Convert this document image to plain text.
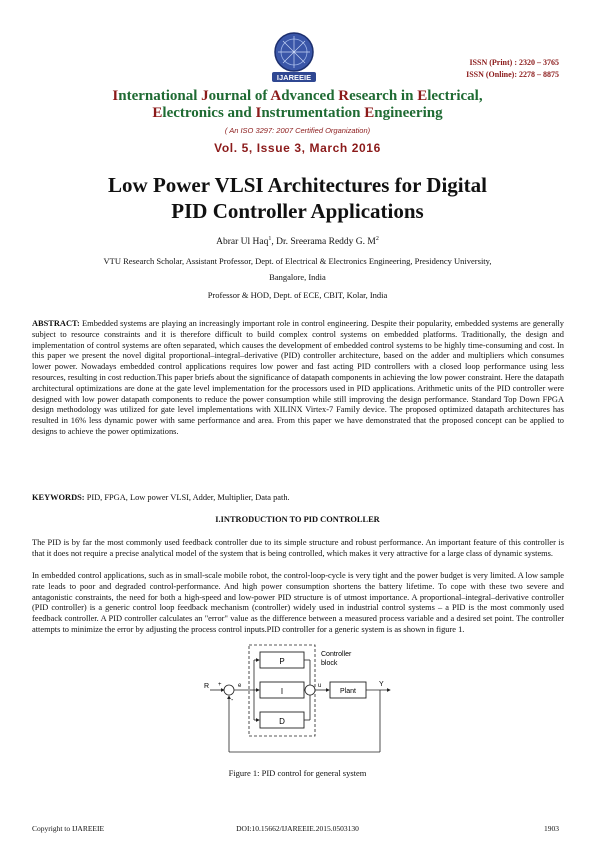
IJAREEIE
ISSN (Print) : 2320 – 3765
ISSN (Online): 2278 – 8875
International Journal of Advanced Research in Electrical,
Electronics and Instrumentation Engineering
( An ISO 3297: 2007 Certified Organization)
Vol. 5, Issue 3, March 2016
Low Power VLSI Architectures for Digital
PID Controller Applications
Abrar Ul Haq$^1$, Dr. Sreerama Reddy G. $M^2$
VTU Research Scholar, Assistant Professor, Dept. of Electrical & Electronics Engineering, Presidency University,
Bangalore, India
Professor & HOD, Dept. of ECE, CBIT, Kolar, India
ABSTRACT: Embedded systems are playing an increasingly important role in control engineering. Despite their popularity, embedded systems are generally subject to resource constraints and it is therefore difficult to build complex control systems on embedded platforms. Traditionally, the design and implementation of control systems are often separated, which causes the development of embedded control systems to be highly time-consuming and cost. In this paper we present the novel digital proportional–integral–derivative (PID) controller architecture, based on the adder and multipliers which consumes lower power. Nowadays embedded control applications requires low power and fast acting PID controllers with a closed loop performance using less resources, resulting in cost reduction.This paper briefs about the significance of datapath components in achieving the low power constraint. Here the datapath architectural optimizations are done at the gate level implementation for the processors used in PID applications. Arithmetic units of the PID controller were designed with low power datapath components to reduce the power consumption while still improving the design performance. Standard Top Down FPGA design methodology was utilized for gate level implementations with XILINX Virtex-7 Family device. The proposed optimized datapath architectures has resulted in 16% less dynamic power with same performance and area. From this paper we have demonstrated that the proposed concept can be applied to designs to achieve the power optimizations.
KEYWORDS: PID, FPGA, Low power VLSI, Adder, Multiplier, Data path.
I.INTRODUCTION TO PID CONTROLLER
The PID is by far the most commonly used feedback controller due to its simple structure and robust performance. An important feature of this controller is that it does not require a precise analytical model of the system that is being controlled, which makes it very attractive for a large class of dynamic systems.
In embedded control applications, such as in small-scale mobile robot, the control-loop-cycle is very tight and the power budget is very limited. A low sample rate leads to poor and degraded control-performance. And high power consumption shortens the battery lifetime. To cope with these two severe and antagonistic constraints, the need for both a high-speed and low-power PID structure is of utmost importance. A proportional–integral–derivative controller (PID controller) is a generic control loop feedback mechanism (controller) widely used in industrial control systems – a PID is the most commonly used feedback controller. A PID controller calculates an "error" value as the difference between a measured process variable and a desired set point. The controller attempts to minimize the error by adjusting the process control inputs.PID controller for a generic system is as shown in figure 1.
P
I
D
Controller
block
R +
-
e	u
Plant
Y
Figure 1: PID control for general system
Copyright to IJAREEIE	DOI:10.15662/IJAREEIE.2015.0503130	1903
